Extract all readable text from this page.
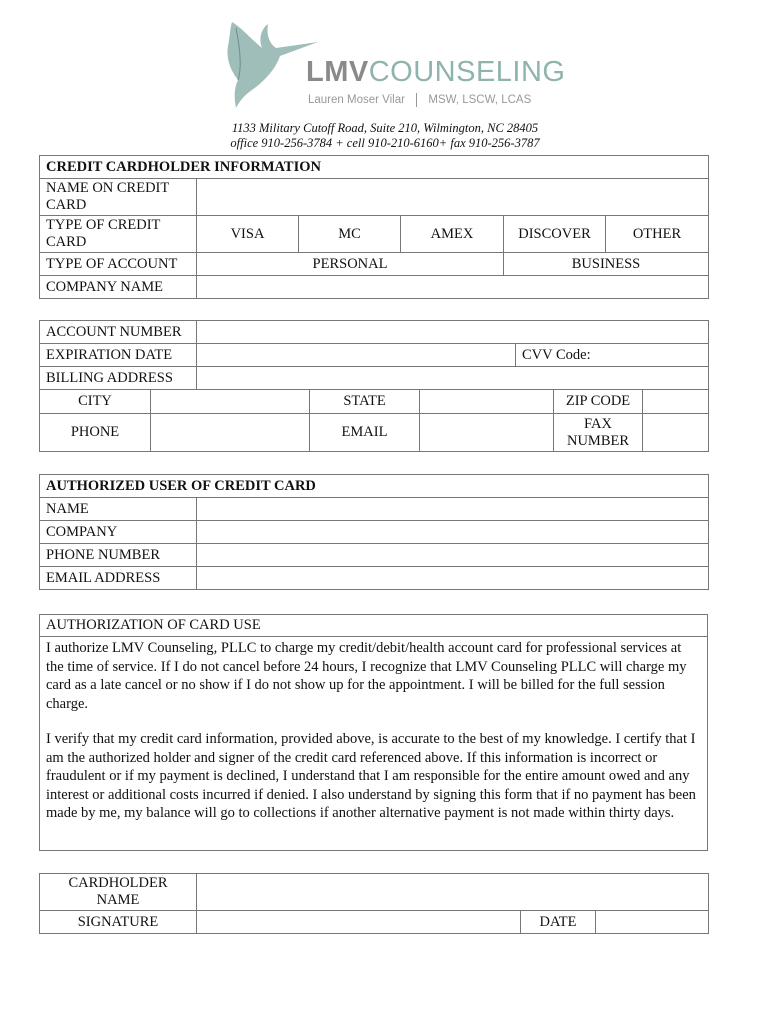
LMVCOUNSELING
Lauren Moser Vilar MSW, LSCW, LCAS
1133 Military Cutoff Road, Suite 210, Wilmington, NC 28405
office 910-256-3784 + cell 910-210-6160+ fax 910-256-3787
CREDIT CARDHOLDER INFORMATION					
NAME ON CREDIT CARD					
TYPE OF CREDIT CARD	VISA	MC	AMEX	DISCOVER	OTHER
TYPE OF ACCOUNT	PERSONAL			BUSINESS	
COMPANY NAME					
ACCOUNT NUMBER						
EXPIRATION DATE					CVV Code:	
BILLING ADDRESS						
CITY			STATE			ZIP CODE

PHONE			EMAIL			FAX NUMBER
AUTHORIZED USER OF CREDIT CARD	
NAME	
COMPANY	
PHONE NUMBER	
EMAIL ADDRESS	
AUTHORIZATION OF CARD USE

I authorize LMV Counseling, PLLC to charge my credit/debit/health account card for professional services at the time of service. If I do not cancel before 24 hours, I recognize that LMV Counseling PLLC will charge my card as a late cancel or no show if I do not show up for the appointment. I will be billed for the full session charge.

I verify that my credit card information, provided above, is accurate to the best of my knowledge. I certify that I am the authorized holder and signer of the credit card referenced above. If this information is incorrect or fraudulent or if my payment is declined, I understand that I am responsible for the entire amount owed and any interest or additional costs incurred if denied. I also understand by signing this form that if no payment has been made by me, my balance will go to collections if another alternative payment is not made within thirty days.

CARDHOLDER NAME			
SIGNATURE		DATE	
